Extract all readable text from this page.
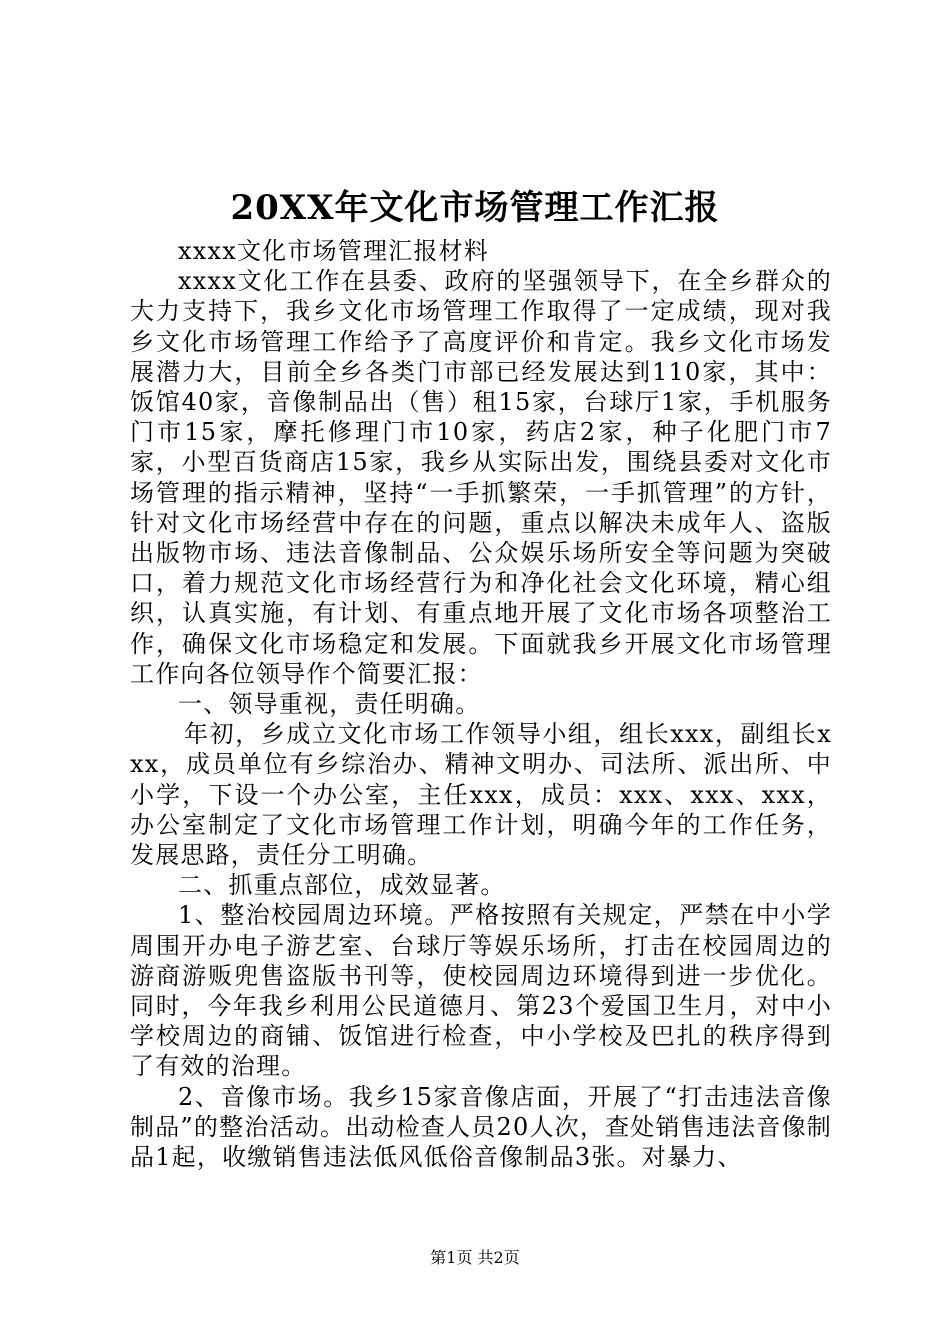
20XX年文化市场管理工作汇报

xxxx文化市场管理汇报材料

xxxx文化工作在县委、政府的坚强领导下，在全乡群众的大力支持下，我乡文化市场管理工作取得了一定成绩，现对我乡文化市场管理工作给予了高度评价和肯定。我乡文化市场发展潜力大，目前全乡各类门市部已经发展达到110家，其中：饭馆40家，音像制品出（售）租15家，台球厅1家，手机服务门市15家，摩托修理门市10家，药店2家，种子化肥门市7家，小型百货商店15家，我乡从实际出发，围绕县委对文化市场管理的指示精神，坚持“一手抓繁荣，一手抓管理”的方针，针对文化市场经营中存在的问题，重点以解决未成年人、盗版出版物市场、违法音像制品、公众娱乐场所安全等问题为突破口，着力规范文化市场经营行为和净化社会文化环境，精心组织，认真实施，有计划、有重点地开展了文化市场各项整治工作，确保文化市场稳定和发展。下面就我乡开展文化市场管理工作向各位领导作个简要汇报：

一、领导重视，责任明确。

年初，乡成立文化市场工作领导小组，组长xxx，副组长xxx，成员单位有乡综治办、精神文明办、司法所、派出所、中小学，下设一个办公室，主任xxx，成员：xxx、xxx、xxx，办公室制定了文化市场管理工作计划，明确今年的工作任务，发展思路，责任分工明确。

二、抓重点部位，成效显著。

1、整治校园周边环境。严格按照有关规定，严禁在中小学周围开办电子游艺室、台球厅等娱乐场所，打击在校园周边的游商游贩兜售盗版书刊等，使校园周边环境得到进一步优化。同时，今年我乡利用公民道德月、第23个爱国卫生月，对中小学校周边的商铺、饭馆进行检查，中小学校及巴扎的秩序得到了有效的治理。

2、音像市场。我乡15家音像店面，开展了“打击违法音像制品”的整治活动。出动检查人员20人次，查处销售违法音像制品1起，收缴销售违法低风低俗音像制品3张。对暴力、

第1页 共2页
